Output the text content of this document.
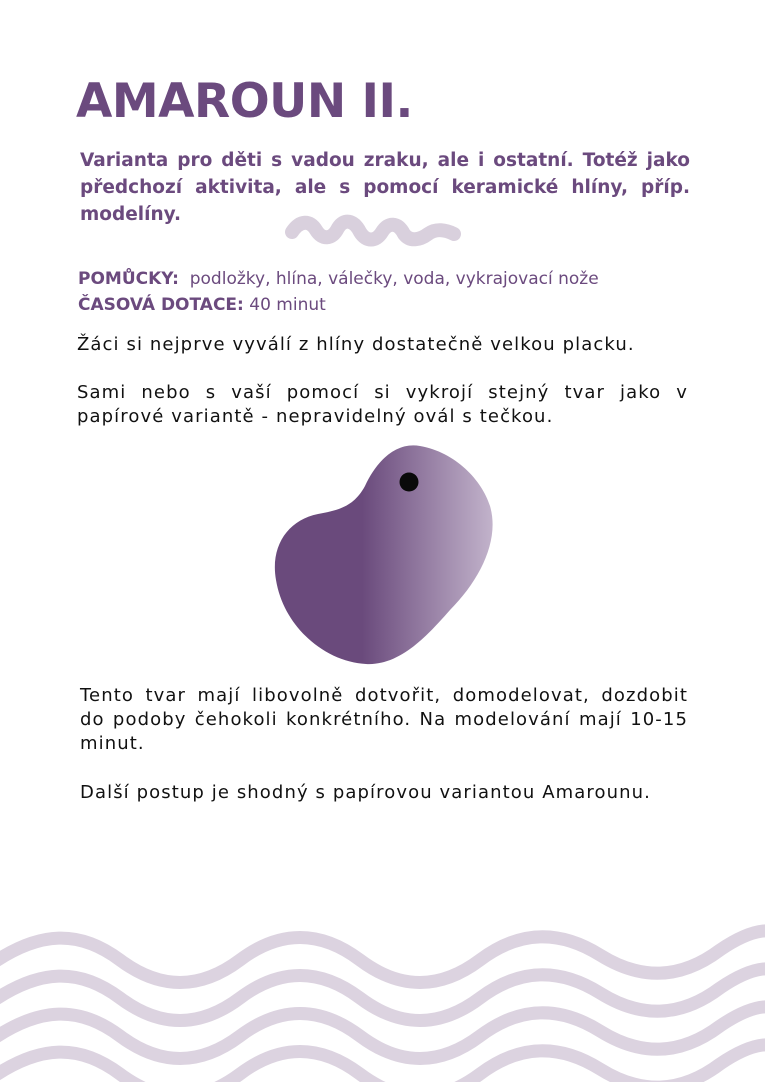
AMAROUN II.

Varianta pro děti s vadou zraku, ale i ostatní. Totéž jako předchozí aktivita, ale s pomocí keramické hlíny, příp. modelíny.

POMŮCKY: podložky, hlína, válečky, voda, vykrajovací nože
ČASOVÁ DOTACE: 40 minut

Žáci si nejprve vyválí z hlíny dostatečně velkou placku.

Sami nebo s vaší pomocí si vykrojí stejný tvar jako v papírové variantě - nepravidelný ovál s tečkou.

Tento tvar mají libovolně dotvořit, domodelovat, dozdobit do podoby čehokoli konkrétního. Na modelování mají 10-15 minut.

Další postup je shodný s papírovou variantou Amarounu.
